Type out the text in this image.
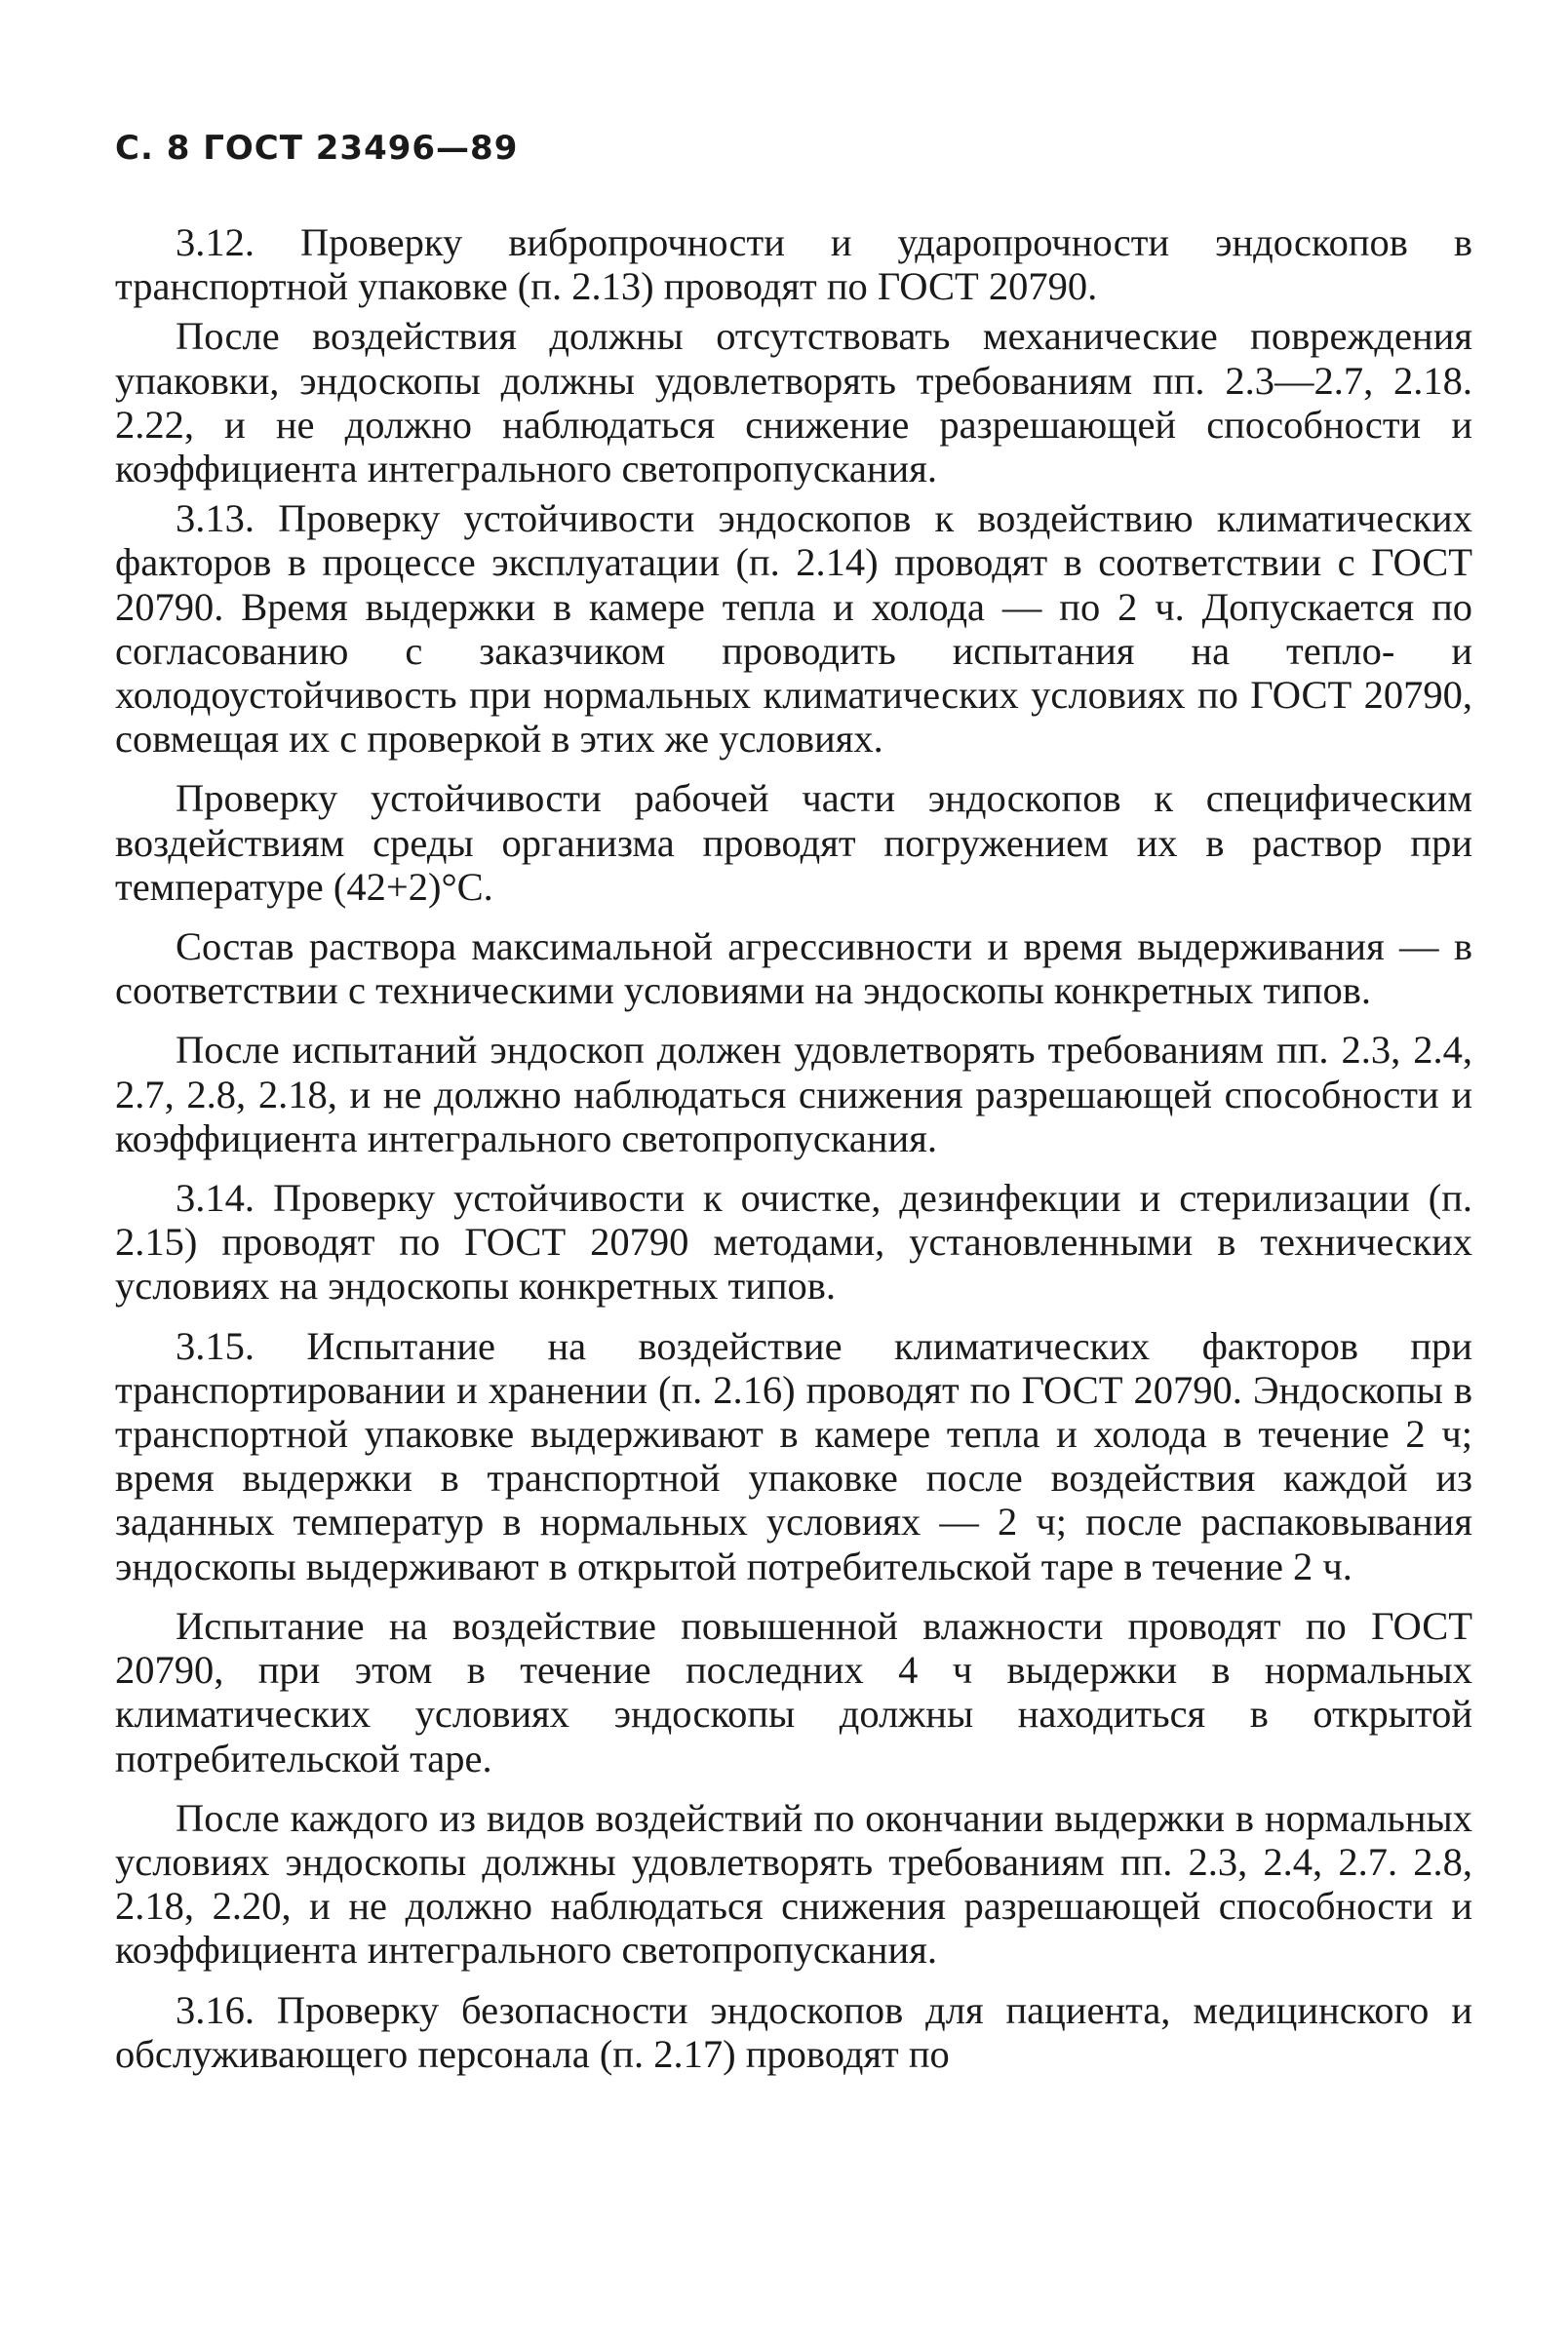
С. 8 ГОСТ 23496—89

3.12. Проверку вибропрочности и ударопрочности эндоскопов в транспортной упаковке (п. 2.13) проводят по ГОСТ 20790.

После воздействия должны отсутствовать механические повреждения упаковки, эндоскопы должны удовлетворять требованиям пп. 2.3—2.7, 2.18. 2.22, и не должно наблюдаться снижение разрешающей способности и коэффициента интегрального светопропускания.

3.13. Проверку устойчивости эндоскопов к воздействию климатических факторов в процессе эксплуатации (п. 2.14) проводят в соответствии с ГОСТ 20790. Время выдержки в камере тепла и холода — по 2 ч. Допускается по согласованию с заказчиком проводить испытания на тепло- и холодоустойчивость при нормальных климатических условиях по ГОСТ 20790, совмещая их с проверкой в этих же условиях.

Проверку устойчивости рабочей части эндоскопов к специфическим воздействиям среды организма проводят погружением их в раствор при температуре (42+2)°С.

Состав раствора максимальной агрессивности и время выдерживания — в соответствии с техническими условиями на эндоскопы конкретных типов.

После испытаний эндоскоп должен удовлетворять требованиям пп. 2.3, 2.4, 2.7, 2.8, 2.18, и не должно наблюдаться снижения разрешающей способности и коэффициента интегрального светопропускания.

3.14. Проверку устойчивости к очистке, дезинфекции и стерилизации (п. 2.15) проводят по ГОСТ 20790 методами, установленными в технических условиях на эндоскопы конкретных типов.

3.15. Испытание на воздействие климатических факторов при транспортировании и хранении (п. 2.16) проводят по ГОСТ 20790. Эндоскопы в транспортной упаковке выдерживают в камере тепла и холода в течение 2 ч; время выдержки в транспортной упаковке после воздействия каждой из заданных температур в нормальных условиях — 2 ч; после распаковывания эндоскопы выдерживают в открытой потребительской таре в течение 2 ч.

Испытание на воздействие повышенной влажности проводят по ГОСТ 20790, при этом в течение последних 4 ч выдержки в нормальных климатических условиях эндоскопы должны находиться в открытой потребительской таре.

После каждого из видов воздействий по окончании выдержки в нормальных условиях эндоскопы должны удовлетворять требованиям пп. 2.3, 2.4, 2.7. 2.8, 2.18, 2.20, и не должно наблюдаться снижения разрешающей способности и коэффициента интегрального светопропускания.

3.16. Проверку безопасности эндоскопов для пациента, медицинского и обслуживающего персонала (п. 2.17) проводят по
